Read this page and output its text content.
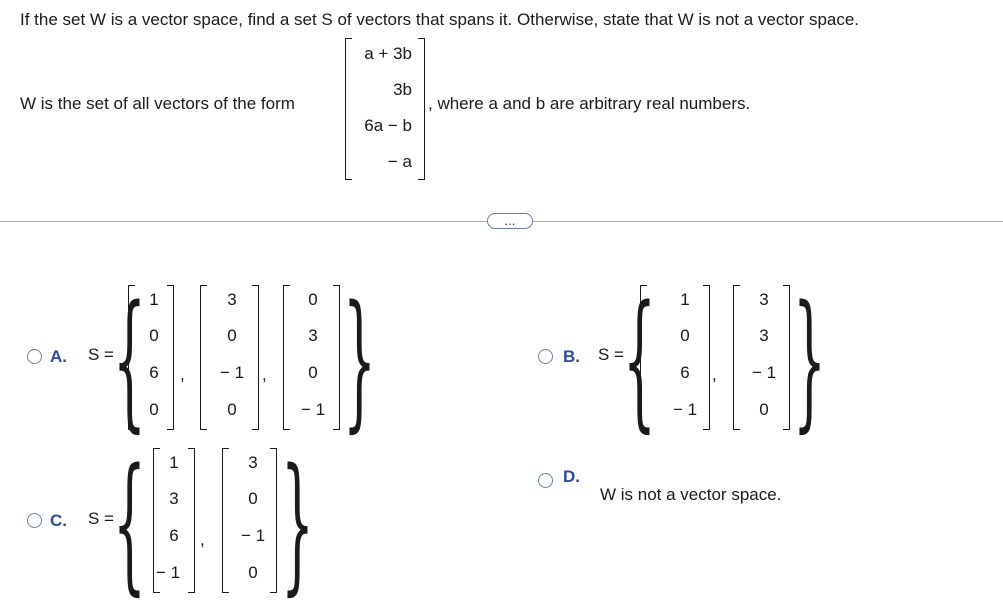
If the set W is a vector space, find a set S of vectors that spans it. Otherwise, state that W is not a vector space.
W is the set of all vectors of the form
a + 3b
3b
6a − b
− a
, where a and b are arbitrary real numbers.
...
A. S = { 1
0
6
0
,
3
0
− 1
0
,
0
3
0
− 1 }	B. S = {	1
0
6
− 1
,
3
3
− 1
0 }
C. S = {	1
3
6
− 1
,
3
0
− 1
0 }	D.
W is not a vector space.
